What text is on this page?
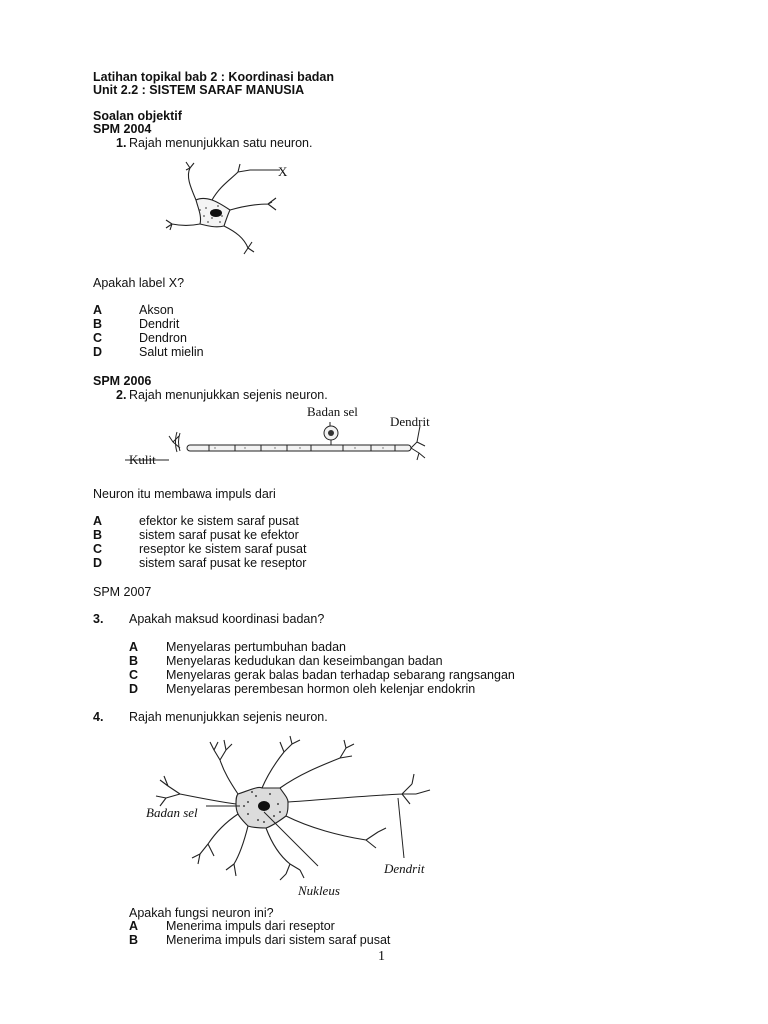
Latihan topikal bab 2 : Koordinasi badan
Unit 2.2 : SISTEM SARAF MANUSIA
Soalan objektif
SPM 2004
1. Rajah menunjukkan satu neuron.
X
Apakah label X?
A	Akson
B	Dendrit
C	Dendron
D	Salut mielin
SPM 2006
2. Rajah menunjukkan sejenis neuron.
Badan sel
Dendrit
Kulit
Neuron itu membawa impuls dari
A	efektor ke sistem saraf pusat
B	sistem saraf pusat ke efektor
C	reseptor ke sistem saraf pusat
D	sistem saraf pusat ke reseptor
SPM 2007
3. Apakah maksud koordinasi badan?
A Menyelaras pertumbuhan badan
B Menyelaras kedudukan dan keseimbangan badan
C Menyelaras gerak balas badan terhadap sebarang rangsangan
D Menyelaras perembesan hormon oleh kelenjar endokrin
4. Rajah menunjukkan sejenis neuron.
Badan sel
Dendrit
Nukleus
Apakah fungsi neuron ini?
A Menerima impuls dari reseptor
B Menerima impuls dari sistem saraf pusat
1
